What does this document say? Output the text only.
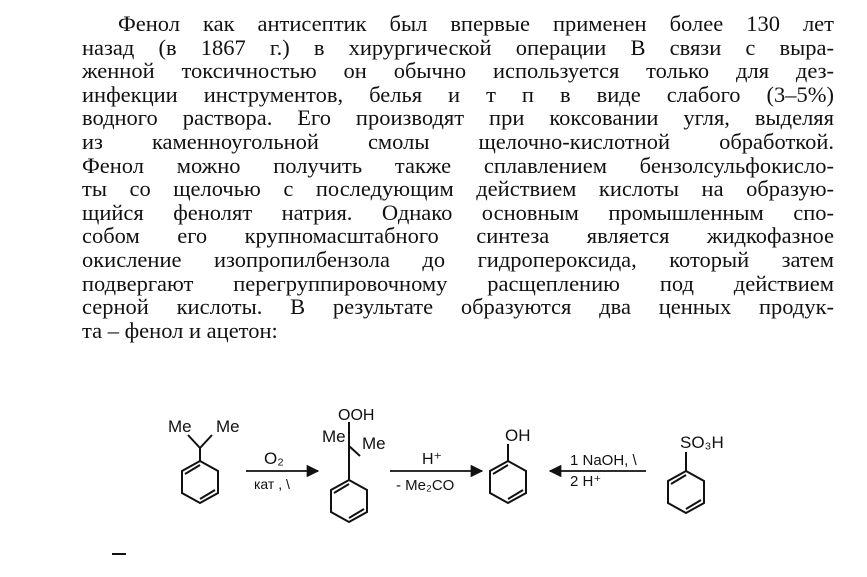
Фенол как антисептик был впервые применен более 130 лет
назад (в 1867 г.) в хирургической операции В связи с выра-
женной токсичностью он обычно используется только для дез-
инфекции инструментов, белья и т п в виде слабого (3–5%)
водного раствора. Его производят при коксовании угля, выделяя
из каменноугольной смолы щелочно-кислотной обработкой.
Фенол можно получить также сплавлением бензолсульфокисло-
ты со щелочью с последующим действием кислоты на образую-
щийся фенолят натрия. Однако основным промышленным спо-
собом его крупномасштабного синтеза является жидкофазное
окисление изопропилбензола до гидропероксида, который затем
подвергают перегруппировочному расщеплению под действием
серной кислоты. В результате образуются два ценных продук-
та – фенол и ацетон:
Me Me
O₂
кат , \
OOH
Me Me
H⁺
- Me₂CO
OH
1 NaOH, \
2 H⁺
SO₃H
